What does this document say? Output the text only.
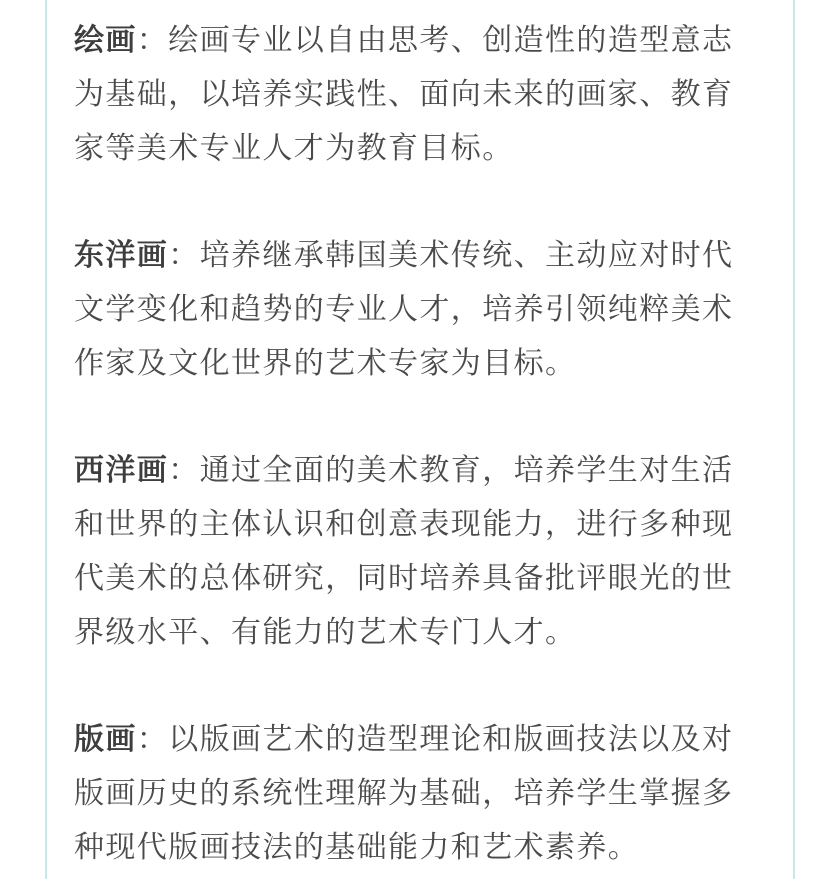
绘画：绘画专业以自由思考、创造性的造型意志为基础，以培养实践性、面向未来的画家、教育家等美术专业人才为教育目标。

东洋画：培养继承韩国美术传统、主动应对时代文学变化和趋势的专业人才，培养引领纯粹美术作家及文化世界的艺术专家为目标。

西洋画：通过全面的美术教育，培养学生对生活和世界的主体认识和创意表现能力，进行多种现代美术的总体研究，同时培养具备批评眼光的世界级水平、有能力的艺术专门人才。

版画：以版画艺术的造型理论和版画技法以及对版画历史的系统性理解为基础，培养学生掌握多种现代版画技法的基础能力和艺术素养。
